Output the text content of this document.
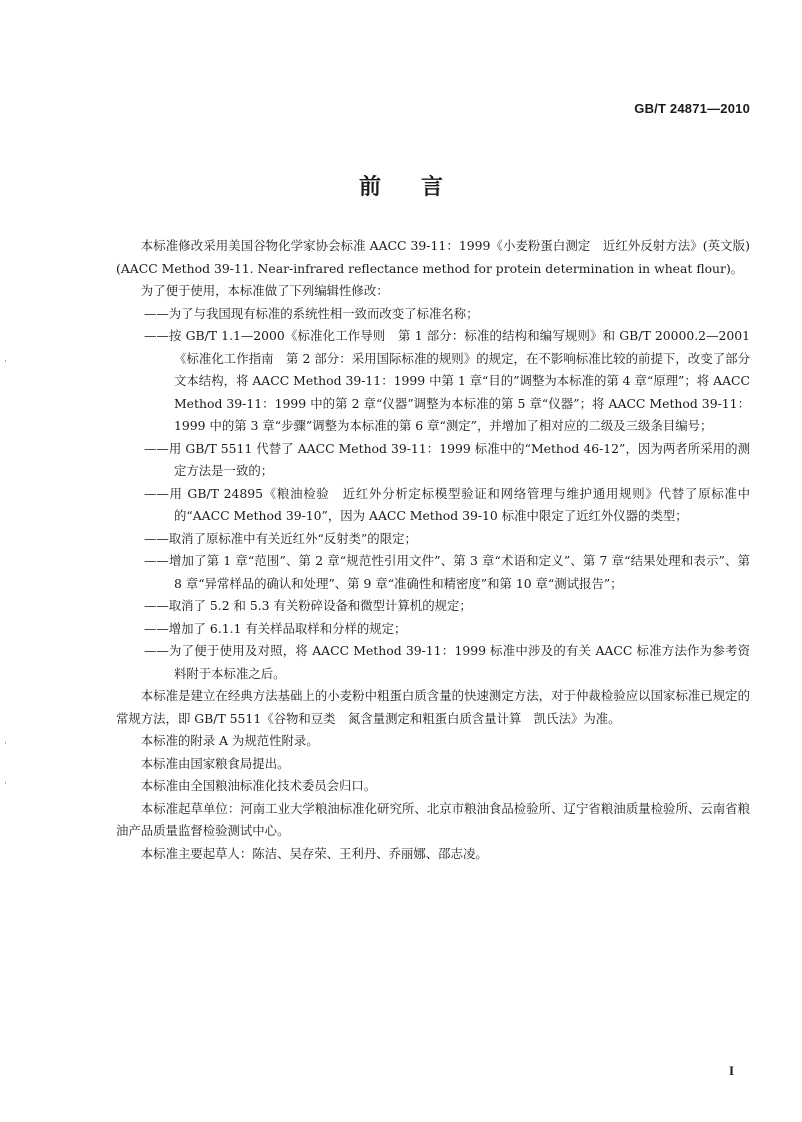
GB/T 24871—2010
前言

本标准修改采用美国谷物化学家协会标准 AACC 39-11：1999《小麦粉蛋白测定　近红外反射方法》(英文版)(AACC Method 39-11. Near-infrared reflectance method for protein determination in wheat flour)。

为了便于使用，本标准做了下列编辑性修改：

——为了与我国现有标准的系统性相一致而改变了标准名称；

——按 GB/T 1.1—2000《标准化工作导则　第 1 部分：标准的结构和编写规则》和 GB/T 20000.2—2001《标准化工作指南　第 2 部分：采用国际标准的规则》的规定，在不影响标准比较的前提下，改变了部分文本结构，将 AACC Method 39-11：1999 中第 1 章“目的”调整为本标准的第 4 章“原理”；将 AACC Method 39-11：1999 中的第 2 章“仪器”调整为本标准的第 5 章“仪器”；将 AACC Method 39-11：1999 中的第 3 章“步骤”调整为本标准的第 6 章“测定”，并增加了相对应的二级及三级条目编号；

——用 GB/T 5511 代替了 AACC Method 39-11：1999 标准中的“Method 46-12”，因为两者所采用的测定方法是一致的；

——用 GB/T 24895《粮油检验　近红外分析定标模型验证和网络管理与维护通用规则》代替了原标准中的“AACC Method 39-10”，因为 AACC Method 39-10 标准中限定了近红外仪器的类型；

——取消了原标准中有关近红外“反射类”的限定；

——增加了第 1 章“范围”、第 2 章“规范性引用文件”、第 3 章“术语和定义”、第 7 章“结果处理和表示”、第 8 章“异常样品的确认和处理”、第 9 章“准确性和精密度”和第 10 章“测试报告”；

——取消了 5.2 和 5.3 有关粉碎设备和微型计算机的规定；

——增加了 6.1.1 有关样品取样和分样的规定；

——为了便于使用及对照，将 AACC Method 39-11：1999 标准中涉及的有关 AACC 标准方法作为参考资料附于本标准之后。

本标准是建立在经典方法基础上的小麦粉中粗蛋白质含量的快速测定方法，对于仲裁检验应以国家标准已规定的常规方法，即 GB/T 5511《谷物和豆类　氮含量测定和粗蛋白质含量计算　凯氏法》为准。

本标准的附录 A 为规范性附录。

本标准由国家粮食局提出。

本标准由全国粮油标准化技术委员会归口。

本标准起草单位：河南工业大学粮油标准化研究所、北京市粮油食品检验所、辽宁省粮油质量检验所、云南省粮油产品质量监督检验测试中心。

本标准主要起草人：陈洁、吴存荣、王利丹、乔丽娜、邵志凌。

·
·
·
I
